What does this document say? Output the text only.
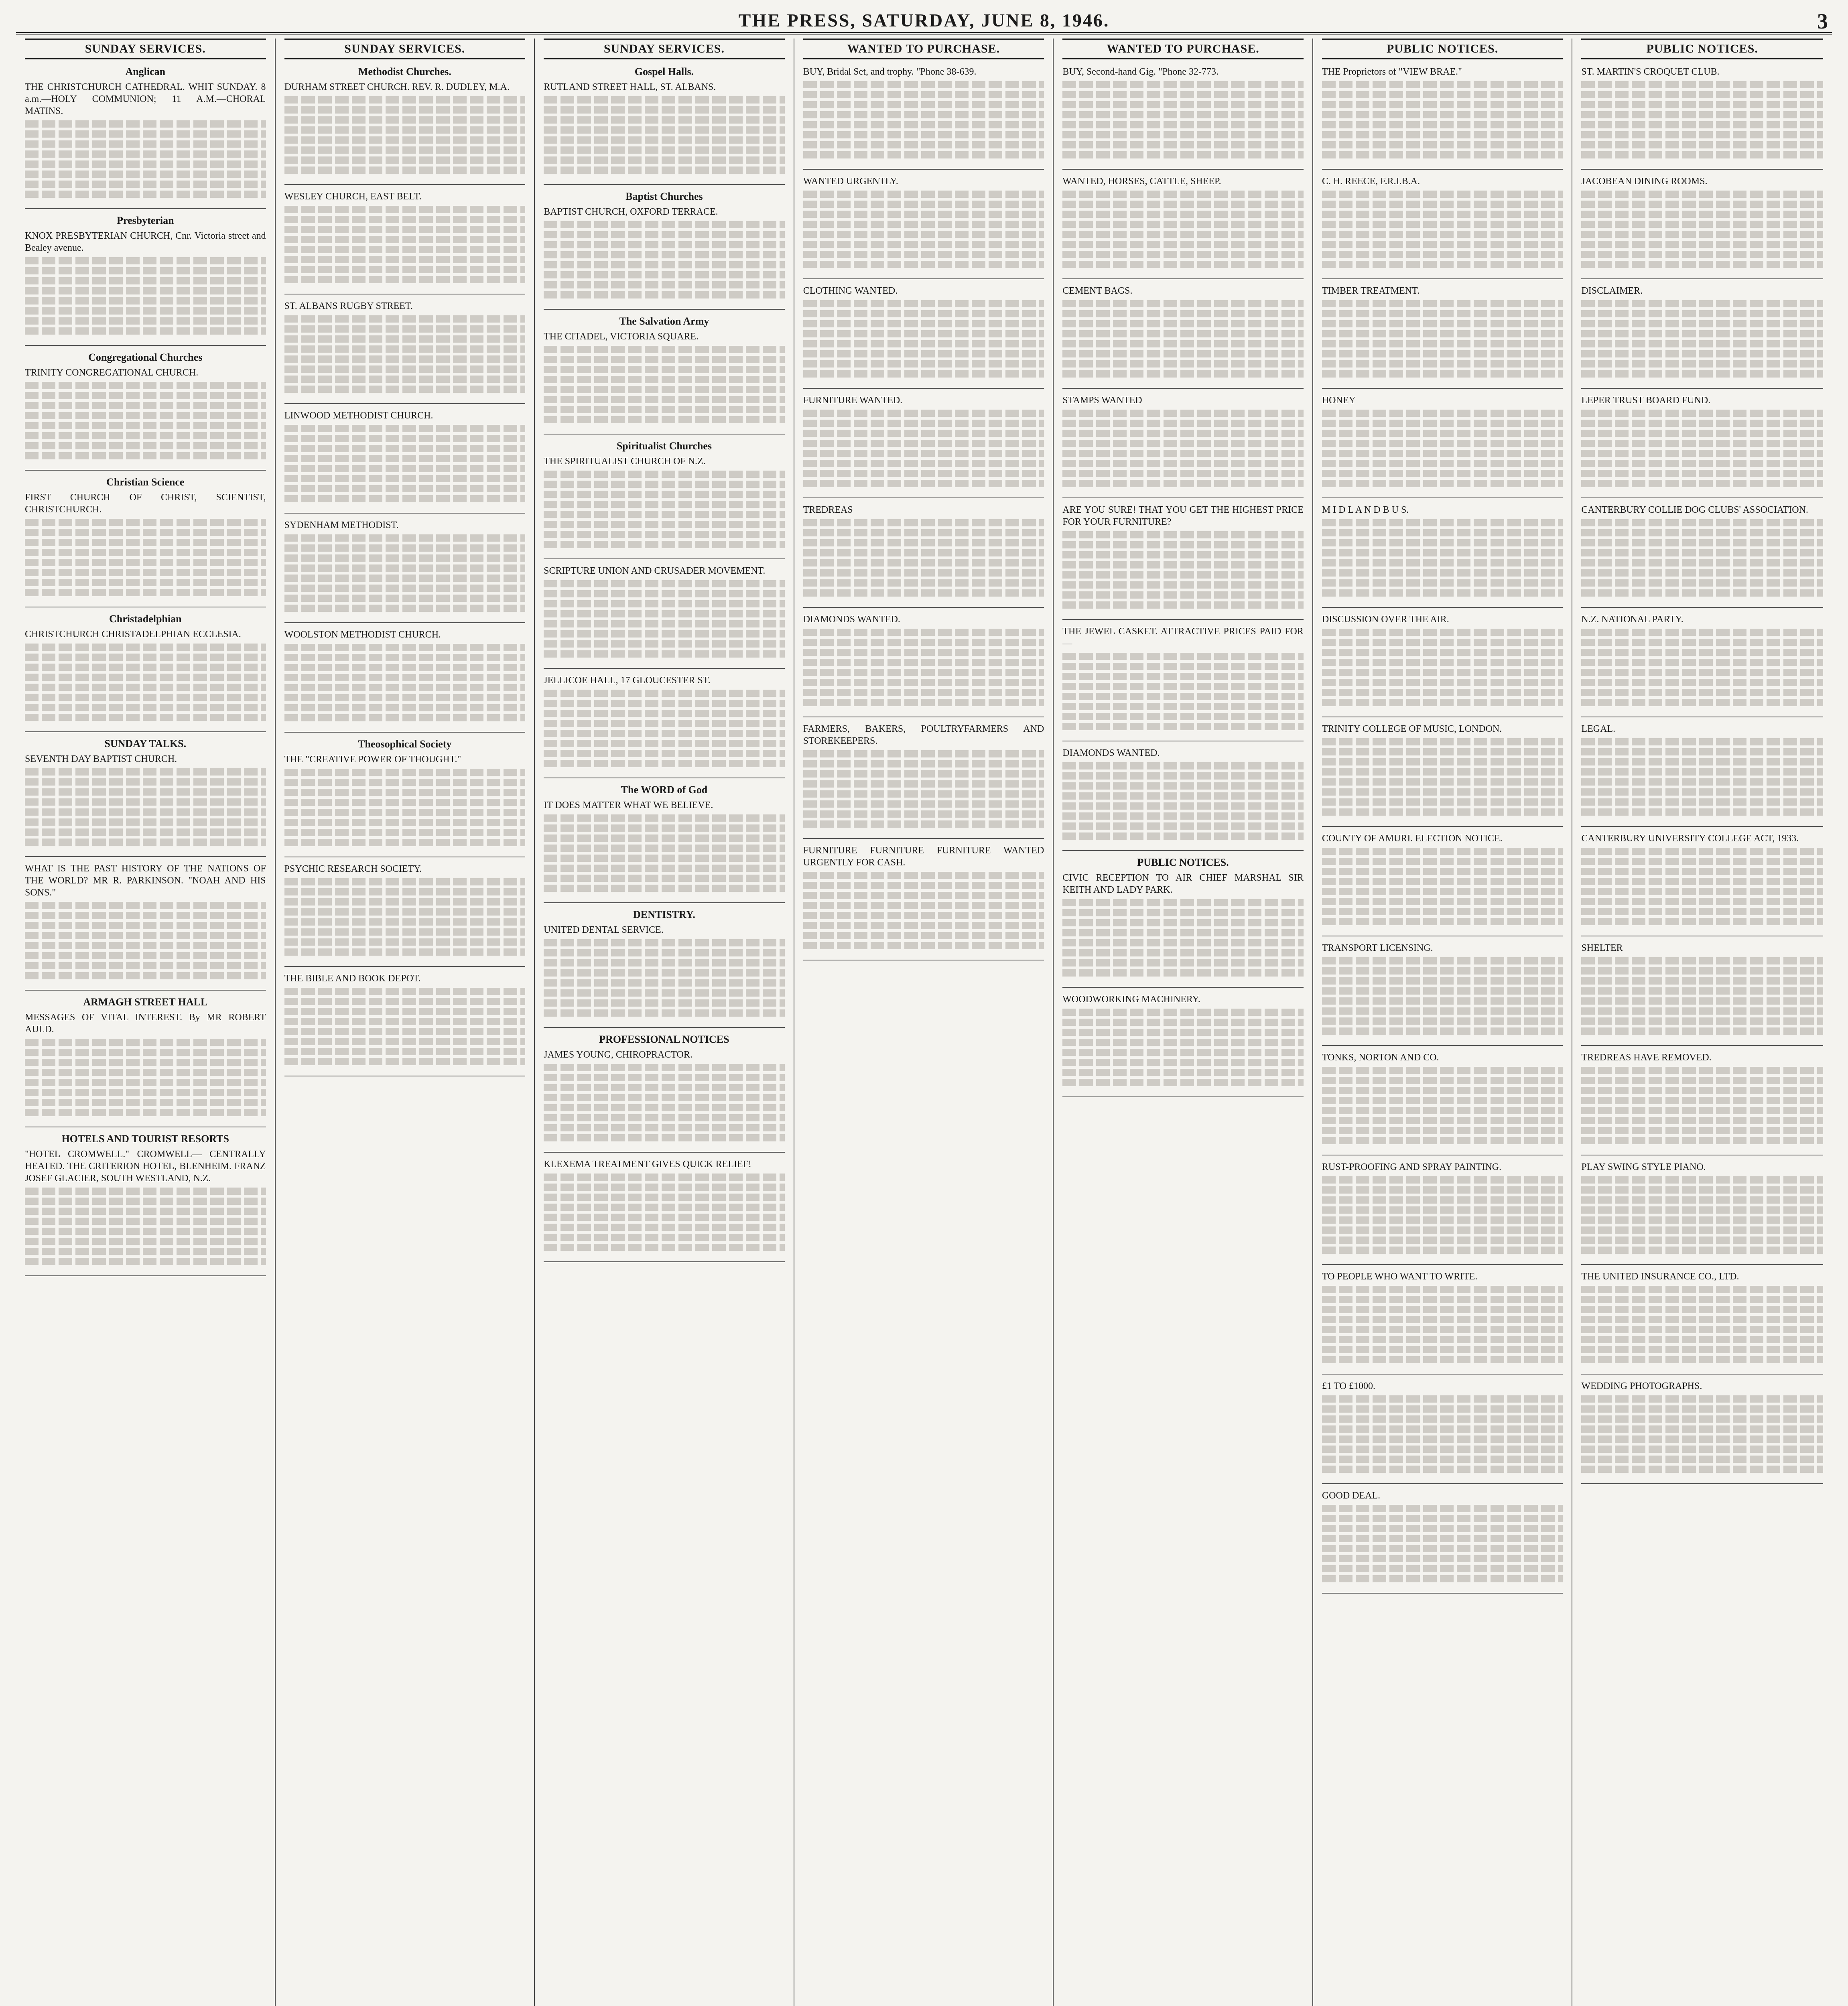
THE PRESS, SATURDAY, JUNE 8, 1946.	3
SUNDAY SERVICES.
Anglican

THE CHRISTCHURCH CATHEDRAL. WHIT SUNDAY. 8 a.m.—HOLY COMMUNION; 11 A.M.—CHORAL MATINS.

Presbyterian

KNOX PRESBYTERIAN CHURCH, Cnr. Victoria street and Bealey avenue.

Congregational Churches

TRINITY CONGREGATIONAL CHURCH.

Christian Science

FIRST CHURCH OF CHRIST, SCIENTIST, CHRISTCHURCH.

Christadelphian

CHRISTCHURCH CHRISTADELPHIAN ECCLESIA.

SUNDAY TALKS.

SEVENTH DAY BAPTIST CHURCH.

WHAT IS THE PAST HISTORY OF THE NATIONS OF THE WORLD? MR R. PARKINSON. "NOAH AND HIS SONS."

ARMAGH STREET HALL

MESSAGES OF VITAL INTEREST. By MR ROBERT AULD.

HOTELS AND TOURIST RESORTS

"HOTEL CROMWELL." CROMWELL— CENTRALLY HEATED. THE CRITERION HOTEL, BLENHEIM. FRANZ JOSEF GLACIER, SOUTH WESTLAND, N.Z.

SUNDAY SERVICES.
Methodist Churches.

DURHAM STREET CHURCH. REV. R. DUDLEY, M.A.

WESLEY CHURCH, EAST BELT.

ST. ALBANS RUGBY STREET.

LINWOOD METHODIST CHURCH.

SYDENHAM METHODIST.

WOOLSTON METHODIST CHURCH.

Theosophical Society

THE "CREATIVE POWER OF THOUGHT."

PSYCHIC RESEARCH SOCIETY.

THE BIBLE AND BOOK DEPOT.

SUNDAY SERVICES.
Gospel Halls.

RUTLAND STREET HALL, ST. ALBANS.

Baptist Churches

BAPTIST CHURCH, OXFORD TERRACE.

The Salvation Army

THE CITADEL, VICTORIA SQUARE.

Spiritualist Churches

THE SPIRITUALIST CHURCH OF N.Z.

SCRIPTURE UNION AND CRUSADER MOVEMENT.

JELLICOE HALL, 17 GLOUCESTER ST.

The WORD of God

IT DOES MATTER WHAT WE BELIEVE.

DENTISTRY.

UNITED DENTAL SERVICE.

PROFESSIONAL NOTICES

JAMES YOUNG, CHIROPRACTOR.

KLEXEMA TREATMENT GIVES QUICK RELIEF!

WANTED TO PURCHASE.

BUY, Bridal Set, and trophy. "Phone 38-639.

WANTED URGENTLY.

CLOTHING WANTED.

FURNITURE WANTED.

TREDREAS

DIAMONDS WANTED.

FARMERS, BAKERS, POULTRYFARMERS AND STOREKEEPERS.

FURNITURE FURNITURE FURNITURE WANTED URGENTLY FOR CASH.

WANTED TO PURCHASE.

BUY, Second-hand Gig. "Phone 32-773.

WANTED, HORSES, CATTLE, SHEEP.

CEMENT BAGS.

STAMPS WANTED

ARE YOU SURE! THAT YOU GET THE HIGHEST PRICE FOR YOUR FURNITURE?

THE JEWEL CASKET. ATTRACTIVE PRICES PAID FOR—

DIAMONDS WANTED.

PUBLIC NOTICES.

CIVIC RECEPTION TO AIR CHIEF MARSHAL SIR KEITH AND LADY PARK.

WOODWORKING MACHINERY.

PUBLIC NOTICES.

THE Proprietors of "VIEW BRAE."

C. H. REECE, F.R.I.B.A.

TIMBER TREATMENT.

HONEY

M I D L A N D B U S.

DISCUSSION OVER THE AIR.

TRINITY COLLEGE OF MUSIC, LONDON.

COUNTY OF AMURI. ELECTION NOTICE.

TRANSPORT LICENSING.

TONKS, NORTON AND CO.

RUST-PROOFING AND SPRAY PAINTING.

TO PEOPLE WHO WANT TO WRITE.

£1 TO £1000.

GOOD DEAL.

PUBLIC NOTICES.

ST. MARTIN'S CROQUET CLUB.

JACOBEAN DINING ROOMS.

DISCLAIMER.

LEPER TRUST BOARD FUND.

CANTERBURY COLLIE DOG CLUBS' ASSOCIATION.

N.Z. NATIONAL PARTY.

LEGAL.

CANTERBURY UNIVERSITY COLLEGE ACT, 1933.

SHELTER

TREDREAS HAVE REMOVED.

PLAY SWING STYLE PIANO.

THE UNITED INSURANCE CO., LTD.

WEDDING PHOTOGRAPHS.
